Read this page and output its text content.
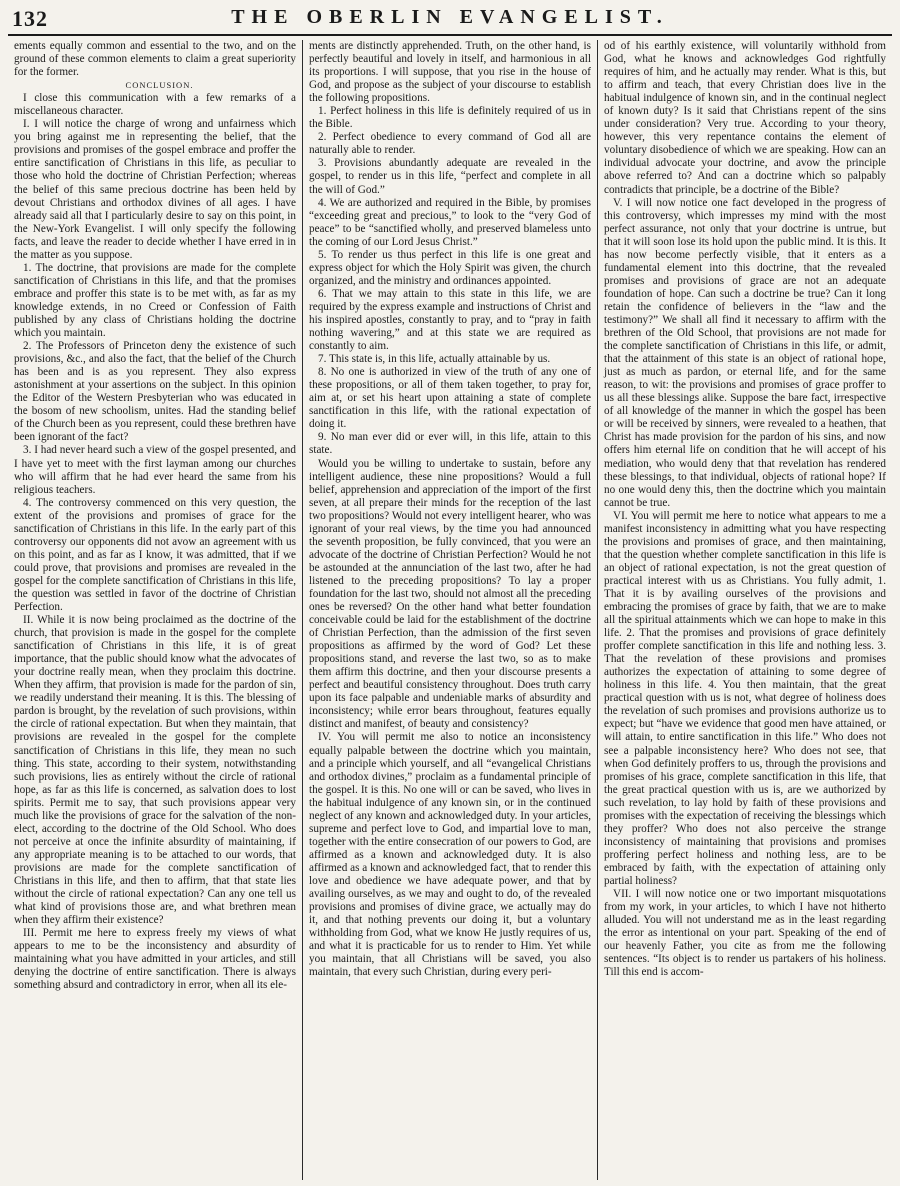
132	THE OBERLIN EVANGELIST.

ements equally common and essential to the two, and on the ground of these common elements to claim a great superiority for the former.

CONCLUSION.

I close this communication with a few remarks of a miscellaneous character.

I. I will notice the charge of wrong and unfairness which you bring against me in representing the belief, that the provisions and promises of the gospel embrace and proffer the entire sanctification of Christians in this life, as peculiar to those who hold the doctrine of Christian Perfection; whereas the belief of this same precious doctrine has been held by devout Christians and orthodox divines of all ages. I have already said all that I particularly desire to say on this point, in the New-York Evangelist. I will only specify the following facts, and leave the reader to decide whether I have erred in in the matter as you suppose.

1. The doctrine, that provisions are made for the complete sanctification of Christians in this life, and that the promises embrace and proffer this state is to be met with, as far as my knowledge extends, in no Creed or Confession of Faith published by any class of Christians holding the doctrine which you maintain.

2. The Professors of Princeton deny the existence of such provisions, &c., and also the fact, that the belief of the Church has been and is as you represent. They also express astonishment at your assertions on the subject. In this opinion the Editor of the Western Presbyterian who was educated in the bosom of new schoolism, unites. Had the standing belief of the Church been as you represent, could these brethren have been ignorant of the fact?

3. I had never heard such a view of the gospel presented, and I have yet to meet with the first layman among our churches who will affirm that he had ever heard the same from his religious teachers.

4. The controversy commenced on this very question, the extent of the provisions and promises of grace for the sanctification of Christians in this life. In the early part of this controversy our opponents did not avow an agreement with us on this point, and as far as I know, it was admitted, that if we could prove, that provisions and promises are revealed in the gospel for the complete sanctification of Christians in this life, the question was settled in favor of the doctrine of Christian Perfection.

II. While it is now being proclaimed as the doctrine of the church, that provision is made in the gospel for the complete sanctification of Christians in this life, it is of great importance, that the public should know what the advocates of your doctrine really mean, when they proclaim this doctrine. When they affirm, that provision is made for the pardon of sin, we readily understand their meaning. It is this. The blessing of pardon is brought, by the revelation of such provisions, within the circle of rational expectation. But when they maintain, that provisions are revealed in the gospel for the complete sanctification of Christians in this life, they mean no such thing. This state, according to their system, notwithstanding such provisions, lies as entirely without the circle of rational hope, as far as this life is concerned, as salvation does to lost spirits. Permit me to say, that such provisions appear very much like the provisions of grace for the salvation of the non-elect, according to the doctrine of the Old School. Who does not perceive at once the infinite absurdity of maintaining, if any appropriate meaning is to be attached to our words, that provisions are made for the complete sanctification of Christians in this life, and then to affirm, that that state lies without the circle of rational expectation? Can any one tell us what kind of provisions those are, and what brethren mean when they affirm their existence?

III. Permit me here to express freely my views of what appears to me to be the inconsistency and absurdity of maintaining what you have admitted in your articles, and still denying the doctrine of entire sanctification. There is always something absurd and contradictory in error, when all its ele-

ments are distinctly apprehended. Truth, on the other hand, is perfectly beautiful and lovely in itself, and harmonious in all its proportions. I will suppose, that you rise in the house of God, and propose as the subject of your discourse to establish the following propositions.

1. Perfect holiness in this life is definitely required of us in the Bible.

2. Perfect obedience to every command of God all are naturally able to render.

3. Provisions abundantly adequate are revealed in the gospel, to render us in this life, “perfect and complete in all the will of God.”

4. We are authorized and required in the Bible, by promises “exceeding great and precious,” to look to the “very God of peace” to be “sanctified wholly, and preserved blameless unto the coming of our Lord Jesus Christ.”

5. To render us thus perfect in this life is one great and express object for which the Holy Spirit was given, the church organized, and the ministry and ordinances appointed.

6. That we may attain to this state in this life, we are required by the express example and instructions of Christ and his inspired apostles, constantly to pray, and to “pray in faith nothing wavering,” and at this state we are required as constantly to aim.

7. This state is, in this life, actually attainable by us.

8. No one is authorized in view of the truth of any one of these propositions, or all of them taken together, to pray for, aim at, or set his heart upon attaining a state of complete sanctification in this life, with the rational expectation of doing it.

9. No man ever did or ever will, in this life, attain to this state.

Would you be willing to undertake to sustain, before any intelligent audience, these nine propositions? Would a full belief, apprehension and appreciation of the import of the first seven, at all prepare their minds for the reception of the last two propositions? Would not every intelligent hearer, who was ignorant of your real views, by the time you had announced the seventh proposition, be fully convinced, that you were an advocate of the doctrine of Christian Perfection? Would he not be astounded at the annunciation of the last two, after he had listened to the preceding propositions? To lay a proper foundation for the last two, should not almost all the preceding ones be reversed? On the other hand what better foundation conceivable could be laid for the establishment of the doctrine of Christian Perfection, than the admission of the first seven propositions as affirmed by the word of God? Let these propositions stand, and reverse the last two, so as to make them affirm this doctrine, and then your discourse presents a perfect and beautiful consistency throughout. Does truth carry upon its face palpable and undeniable marks of absurdity and inconsistency; while error bears throughout, features equally distinct and manifest, of beauty and consistency?

IV. You will permit me also to notice an inconsistency equally palpable between the doctrine which you maintain, and a principle which yourself, and all “evangelical Christians and orthodox divines,” proclaim as a fundamental principle of the gospel. It is this. No one will or can be saved, who lives in the habitual indulgence of any known sin, or in the continued neglect of any known and acknowledged duty. In your articles, supreme and perfect love to God, and impartial love to man, together with the entire consecration of our powers to God, are affirmed as a known and acknowledged duty. It is also affirmed as a known and acknowledged fact, that to render this love and obedience we have adequate power, and that by availing ourselves, as we may and ought to do, of the revealed provisions and promises of divine grace, we actually may do it, and that nothing prevents our doing it, but a voluntary withholding from God, what we know He justly requires of us, and what it is practicable for us to render to Him. Yet while you maintain, that all Christians will be saved, you also maintain, that every such Christian, during every peri-

od of his earthly existence, will voluntarily withhold from God, what he knows and acknowledges God rightfully requires of him, and he actually may render. What is this, but to affirm and teach, that every Christian does live in the habitual indulgence of known sin, and in the continual neglect of known duty? Is it said that Christians repent of the sins under consideration? Very true. According to your theory, however, this very repentance contains the element of voluntary disobedience of which we are speaking. How can an individual advocate your doctrine, and avow the principle above referred to? And can a doctrine which so palpably contradicts that principle, be a doctrine of the Bible?

V. I will now notice one fact developed in the progress of this controversy, which impresses my mind with the most perfect assurance, not only that your doctrine is untrue, but that it will soon lose its hold upon the public mind. It is this. It has now become perfectly visible, that it enters as a fundamental element into this doctrine, that the revealed promises and provisions of grace are not an adequate foundation of hope. Can such a doctrine be true? Can it long retain the confidence of believers in the “law and the testimony?” We shall all find it necessary to affirm with the brethren of the Old School, that provisions are not made for the complete sanctification of Christians in this life, or admit, that the attainment of this state is an object of rational hope, just as much as pardon, or eternal life, and for the same reason, to wit: the provisions and promises of grace proffer to us all these blessings alike. Suppose the bare fact, irrespective of all knowledge of the manner in which the gospel has been or will be received by sinners, were revealed to a heathen, that Christ has made provision for the pardon of his sins, and now offers him eternal life on condition that he will accept of his mediation, who would deny that that revelation has rendered these blessings, to that individual, objects of rational hope? If no one would deny this, then the doctrine which you maintain cannot be true.

VI. You will permit me here to notice what appears to me a manifest inconsistency in admitting what you have respecting the provisions and promises of grace, and then maintaining, that the question whether complete sanctification in this life is an object of rational expectation, is not the great question of practical interest with us as Christians. You fully admit, 1. That it is by availing ourselves of the provisions and embracing the promises of grace by faith, that we are to make all the spiritual attainments which we can hope to make in this life. 2. That the promises and provisions of grace definitely proffer complete sanctification in this life and nothing less. 3. That the revelation of these provisions and promises authorizes the expectation of attaining to some degree of holiness in this life. 4. You then maintain, that the great practical question with us is not, what degree of holiness does the revelation of such promises and provisions authorize us to expect; but “have we evidence that good men have attained, or will attain, to entire sanctification in this life.” Who does not see a palpable inconsistency here? Who does not see, that when God definitely proffers to us, through the provisions and promises of his grace, complete sanctification in this life, that the great practical question with us is, are we authorized by such revelation, to lay hold by faith of these provisions and promises with the expectation of receiving the blessings which they proffer? Who does not also perceive the strange inconsistency of maintaining that provisions and promises proffering perfect holiness and nothing less, are to be embraced by faith, with the expectation of attaining only partial holiness?

VII. I will now notice one or two important misquotations from my work, in your articles, to which I have not hitherto alluded. You will not understand me as in the least regarding the error as intentional on your part. Speaking of the end of our heavenly Father, you cite as from me the following sentences. “Its object is to render us partakers of his holiness. Till this end is accom-
